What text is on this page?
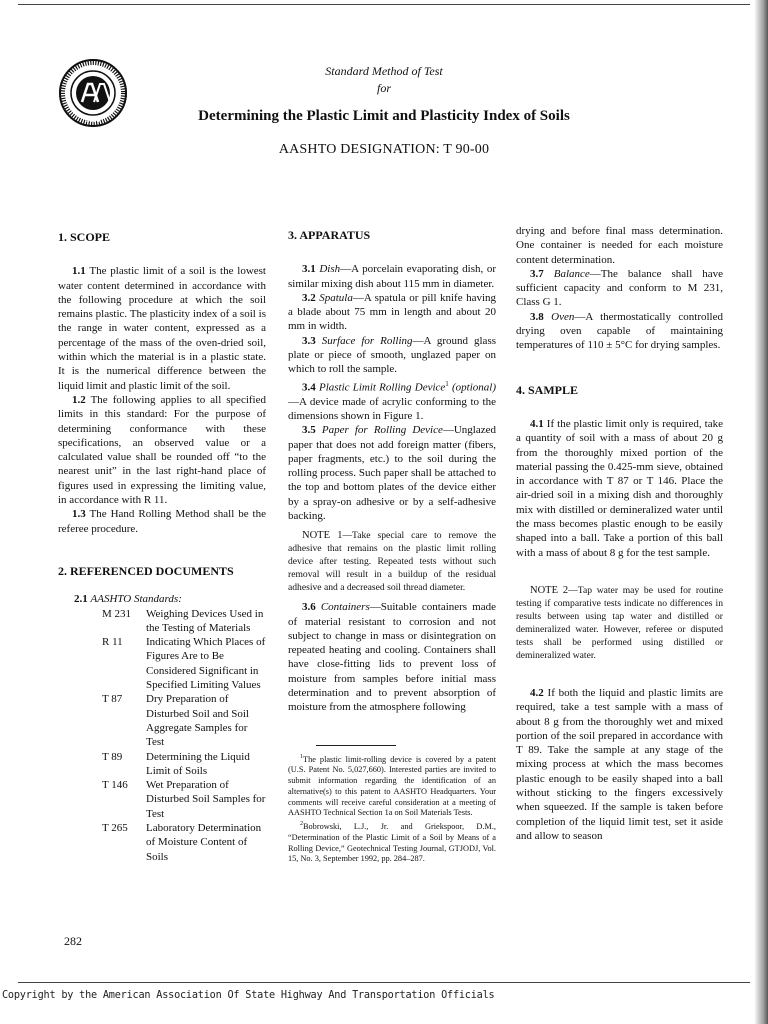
1914
Standard Method of Test
for
Determining the Plastic Limit and Plasticity Index of Soils
AASHTO DESIGNATION: T 90-00
1. SCOPE

1.1 The plastic limit of a soil is the lowest water content determined in accordance with the following procedure at which the soil remains plastic. The plasticity index of a soil is the range in water content, expressed as a percentage of the mass of the oven-dried soil, within which the material is in a plastic state. It is the numerical difference between the liquid limit and plastic limit of the soil.

1.2 The following applies to all specified limits in this standard: For the purpose of determining conformance with these specifications, an observed value or a calculated value shall be rounded off “to the nearest unit” in the last right-hand place of figures used in expressing the limiting value, in accordance with R 11.

1.3 The Hand Rolling Method shall be the referee procedure.

2. REFERENCED DOCUMENTS
2.1 AASHTO Standards:
M 231	Weighing Devices Used in the Testing of Materials
R 11	Indicating Which Places of Figures Are to Be Considered Significant in Specified Limiting Values
T 87	Dry Preparation of Disturbed Soil and Soil Aggregate Samples for Test
T 89	Determining the Liquid Limit of Soils
T 146	Wet Preparation of Disturbed Soil Samples for Test
T 265	Laboratory Determination of Moisture Content of Soils
3. APPARATUS

3.1 Dish—A porcelain evaporating dish, or similar mixing dish about 115 mm in diameter.

3.2 Spatula—A spatula or pill knife having a blade about 75 mm in length and about 20 mm in width.

3.3 Surface for Rolling—A ground glass plate or piece of smooth, unglazed paper on which to roll the sample.

3.4 Plastic Limit Rolling Device$^1$ (optional)—A device made of acrylic conforming to the dimensions shown in Figure 1.

3.5 Paper for Rolling Device—Unglazed paper that does not add foreign matter (fibers, paper fragments, etc.) to the soil during the rolling process. Such paper shall be attached to the top and bottom plates of the device either by a spray-on adhesive or by a self-adhesive backing.

NOTE 1—Take special care to remove the adhesive that remains on the plastic limit rolling device after testing. Repeated tests without such removal will result in a buildup of the residual adhesive and a decreased soil thread diameter.

3.6 Containers—Suitable containers made of material resistant to corrosion and not subject to change in mass or disintegration on repeated heating and cooling. Containers shall have close-fitting lids to prevent loss of moisture from samples before initial mass determination and to prevent absorption of moisture from the atmosphere following

$^1$The plastic limit-rolling device is covered by a patent (U.S. Patent No. 5,027,660). Interested parties are invited to submit information regarding the identification of an alternative(s) to this patent to AASHTO Headquarters. Your comments will receive careful consideration at a meeting of AASHTO Technical Section 1a on Soil Materials Tests.
$^2$Bobrowski, L.J., Jr. and Griekspoor, D.M., “Determination of the Plastic Limit of a Soil by Means of a Rolling Device,” Geotechnical Testing Journal, GTJODJ, Vol. 15, No. 3, September 1992, pp. 284–287.
drying and before final mass determination. One container is needed for each moisture content determination.

3.7 Balance—The balance shall have sufficient capacity and conform to M 231, Class G 1.

3.8 Oven—A thermostatically controlled drying oven capable of maintaining temperatures of 110 ± 5°C for drying samples.

4. SAMPLE

4.1 If the plastic limit only is required, take a quantity of soil with a mass of about 20 g from the thoroughly mixed portion of the material passing the 0.425-mm sieve, obtained in accordance with T 87 or T 146. Place the air-dried soil in a mixing dish and thoroughly mix with distilled or demineralized water until the mass becomes plastic enough to be easily shaped into a ball. Take a portion of this ball with a mass of about 8 g for the test sample.

NOTE 2—Tap water may be used for routine testing if comparative tests indicate no differences in results between using tap water and distilled or demineralized water. However, referee or disputed tests shall be performed using distilled or demineralized water.

4.2 If both the liquid and plastic limits are required, take a test sample with a mass of about 8 g from the thoroughly wet and mixed portion of the soil prepared in accordance with T 89. Take the sample at any stage of the mixing process at which the mass becomes plastic enough to be easily shaped into a ball without sticking to the fingers excessively when squeezed. If the sample is taken before completion of the liquid limit test, set it aside and allow to season

282
Copyright by the American Association Of State Highway And Transportation Officials
